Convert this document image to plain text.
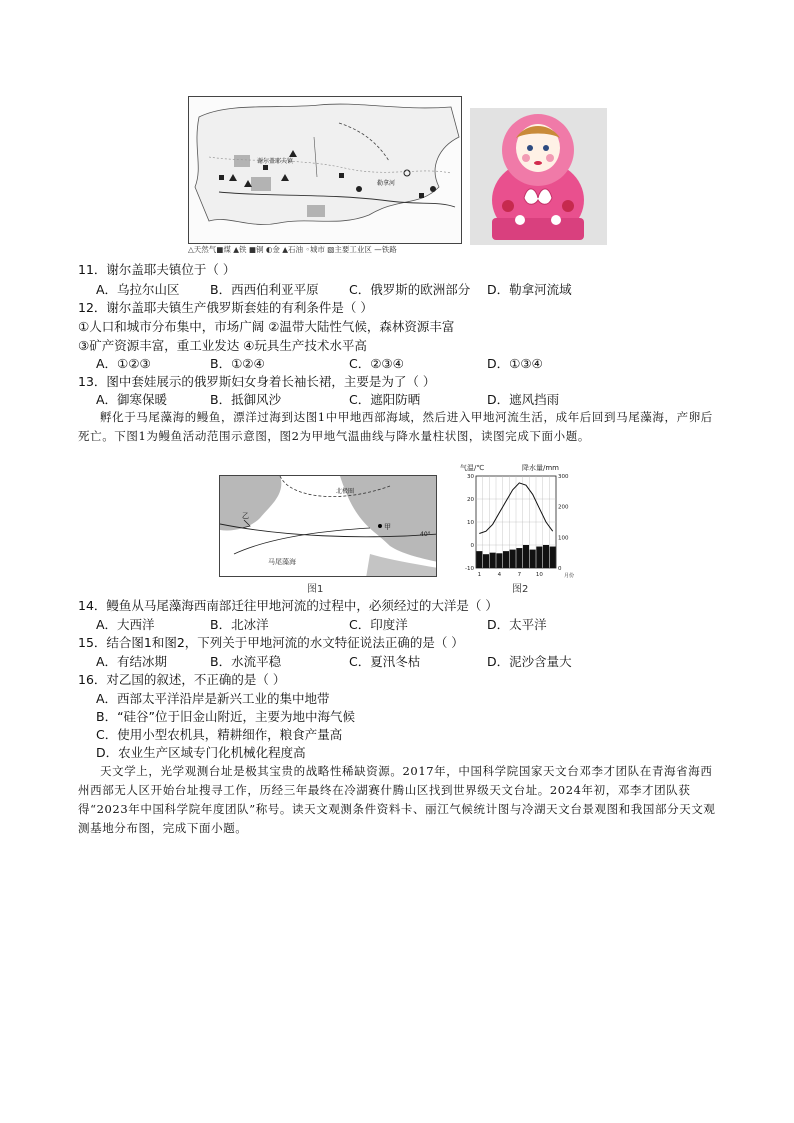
谢尔盖耶夫镇
勒拿河
△天然气■煤 ▲铁 ■铜 ◐金 ▲石油 ◦城市 ▧主要工业区 —铁路
11．谢尔盖耶夫镇位于（ ）
A．乌拉尔山区 B．西西伯利亚平原 C．俄罗斯的欧洲部分 D．勒拿河流域
12．谢尔盖耶夫镇生产俄罗斯套娃的有利条件是（ ）
①人口和城市分布集中，市场广阔 ②温带大陆性气候，森林资源丰富
③矿产资源丰富，重工业发达 ④玩具生产技术水平高
A．①②③	B．①②④	C．②③④	D．①③④
13．图中套娃展示的俄罗斯妇女身着长袖长裙，主要是为了（ ）
A．御寒保暖	B．抵御风沙	C．遮阳防晒	D．遮风挡雨
孵化于马尾藻海的鳗鱼，漂洋过海到达图1中甲地西部海域，然后进入甲地河流生活，成年后回到马尾藻海，产卵后死亡。下图1为鳗鱼活动范围示意图，图2为甲地气温曲线与降水量柱状图，读图完成下面小题。
北极圈
甲
乙
40°
马尾藻海
图1
气温/℃	降水量/mm
30
20
10
0
-10
300
200
100
0
1	4	7	10	月份
图2
14．鳗鱼从马尾藻海西南部迁往甲地河流的过程中，必须经过的大洋是（ ）
A．大西洋	B．北冰洋	C．印度洋	D．太平洋
15．结合图1和图2，下列关于甲地河流的水文特征说法正确的是（ ）
A．有结冰期	B．水流平稳	C．夏汛冬枯	D．泥沙含量大
16．对乙国的叙述，不正确的是（ ）
A．西部太平洋沿岸是新兴工业的集中地带
B．“硅谷”位于旧金山附近，主要为地中海气候
C．使用小型农机具，精耕细作，粮食产量高
D．农业生产区域专门化机械化程度高
天文学上，光学观测台址是极其宝贵的战略性稀缺资源。2017年，中国科学院国家天文台邓李才团队在青海省海西州西部无人区开始台址搜寻工作，历经三年最终在冷湖赛什腾山区找到世界级天文台址。2024年初，邓李才团队获得“2023年中国科学院年度团队”称号。读天文观测条件资料卡、丽江气候统计图与冷湖天文台景观图和我国部分天文观测基地分布图，完成下面小题。
